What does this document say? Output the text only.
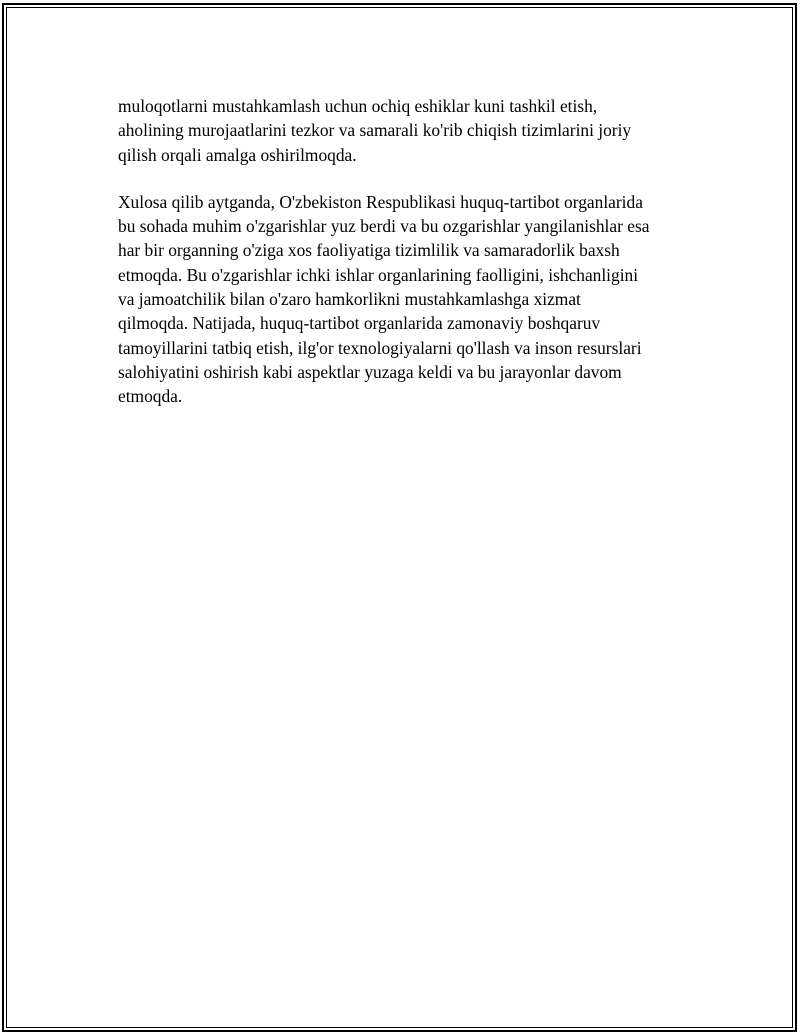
muloqotlarni mustahkamlash uchun ochiq eshiklar kuni tashkil etish,
aholining murojaatlarini tezkor va samarali ko'rib chiqish tizimlarini joriy
qilish orqali amalga oshirilmoqda.

Xulosa qilib aytganda, O'zbekiston Respublikasi huquq-tartibot organlarida
bu sohada muhim o'zgarishlar yuz berdi va bu ozgarishlar yangilanishlar esa
har bir organning o'ziga xos faoliyatiga tizimlilik va samaradorlik baxsh
etmoqda. Bu o'zgarishlar ichki ishlar organlarining faolligini, ishchanligini
va jamoatchilik bilan o'zaro hamkorlikni mustahkamlashga xizmat
qilmoqda. Natijada, huquq-tartibot organlarida zamonaviy boshqaruv
tamoyillarini tatbiq etish, ilg'or texnologiyalarni qo'llash va inson resurslari
salohiyatini oshirish kabi aspektlar yuzaga keldi va bu jarayonlar davom
etmoqda.
